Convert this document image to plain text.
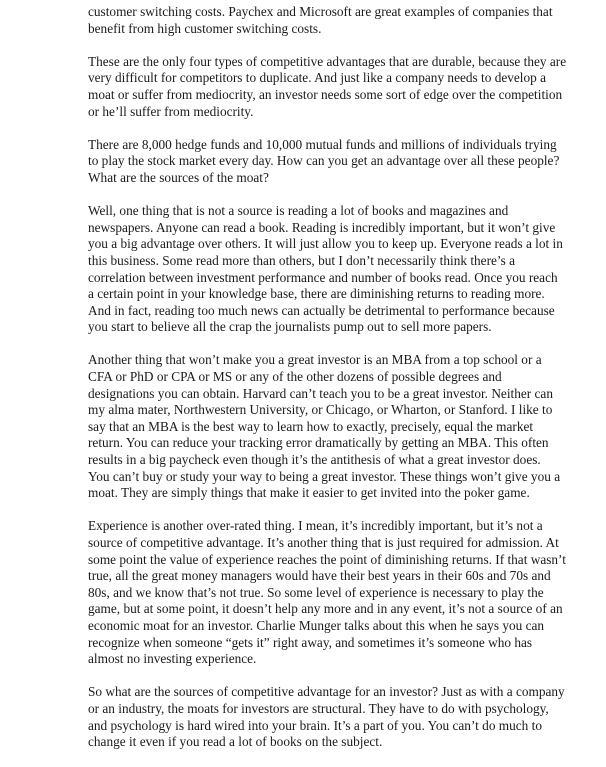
customer switching costs. Paychex and Microsoft are great examples of companies that
benefit from high customer switching costs.

These are the only four types of competitive advantages that are durable, because they are
very difficult for competitors to duplicate. And just like a company needs to develop a
moat or suffer from mediocrity, an investor needs some sort of edge over the competition
or he’ll suffer from mediocrity.

There are 8,000 hedge funds and 10,000 mutual funds and millions of individuals trying
to play the stock market every day. How can you get an advantage over all these people?
What are the sources of the moat?

Well, one thing that is not a source is reading a lot of books and magazines and
newspapers. Anyone can read a book. Reading is incredibly important, but it won’t give
you a big advantage over others. It will just allow you to keep up. Everyone reads a lot in
this business. Some read more than others, but I don’t necessarily think there’s a
correlation between investment performance and number of books read. Once you reach
a certain point in your knowledge base, there are diminishing returns to reading more.
And in fact, reading too much news can actually be detrimental to performance because
you start to believe all the crap the journalists pump out to sell more papers.

Another thing that won’t make you a great investor is an MBA from a top school or a
CFA or PhD or CPA or MS or any of the other dozens of possible degrees and
designations you can obtain. Harvard can’t teach you to be a great investor. Neither can
my alma mater, Northwestern University, or Chicago, or Wharton, or Stanford. I like to
say that an MBA is the best way to learn how to exactly, precisely, equal the market
return. You can reduce your tracking error dramatically by getting an MBA. This often
results in a big paycheck even though it’s the antithesis of what a great investor does.
You can’t buy or study your way to being a great investor. These things won’t give you a
moat. They are simply things that make it easier to get invited into the poker game.

Experience is another over-rated thing. I mean, it’s incredibly important, but it’s not a
source of competitive advantage. It’s another thing that is just required for admission. At
some point the value of experience reaches the point of diminishing returns. If that wasn’t
true, all the great money managers would have their best years in their 60s and 70s and
80s, and we know that’s not true. So some level of experience is necessary to play the
game, but at some point, it doesn’t help any more and in any event, it’s not a source of an
economic moat for an investor. Charlie Munger talks about this when he says you can
recognize when someone “gets it” right away, and sometimes it’s someone who has
almost no investing experience.

So what are the sources of competitive advantage for an investor? Just as with a company
or an industry, the moats for investors are structural. They have to do with psychology,
and psychology is hard wired into your brain. It’s a part of you. You can’t do much to
change it even if you read a lot of books on the subject.
